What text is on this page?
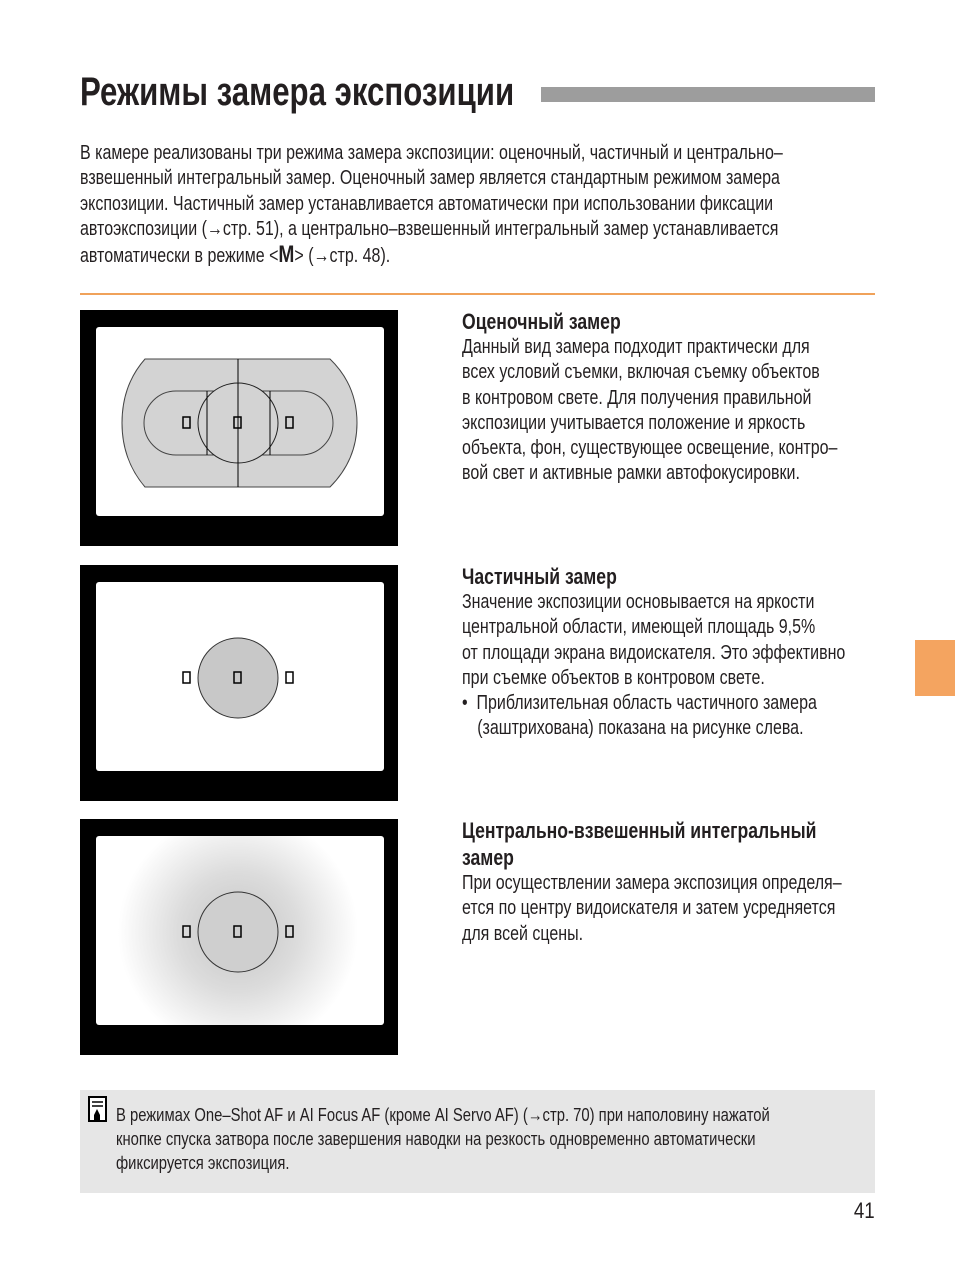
Режимы замера экспозиции
В камере реализованы три режима замера экспозиции: оценочный, частичный и центрально–
взвешенный интегральный замер. Оценочный замер является стандартным режимом замера
экспозиции. Частичный замер устанавливается автоматически при использовании фиксации
автоэкспозиции (→стр. 51), а центрально–взвешенный интегральный замер устанавливается
автоматически в режиме <M> (→стр. 48).
Оценочный замер
Данный вид замера подходит практически для
всех условий съемки, включая съемку объектов
в контровом свете. Для получения правильной
экспозиции учитывается положение и яркость
объекта, фон, существующее освещение, контро–
вой свет и активные рамки автофокусировки.
Частичный замер
Значение экспозиции основывается на яркости
центральной области, имеющей площадь 9,5%
от площади экрана видоискателя. Это эффективно
при съемке объектов в контровом свете.
•  Приблизительная область частичного замера
(заштрихована) показана на рисунке слева.
Центрально-взвешенный интегральный
замер
При осуществлении замера экспозиция определя–
ется по центру видоискателя и затем усредняется
для всей сцены.
В режимах One–Shot AF и AI Focus AF (кроме AI Servo AF) (→стр. 70) при наполовину нажатой
кнопке спуска затвора после завершения наводки на резкость одновременно автоматически
фиксируется экспозиция.
41
